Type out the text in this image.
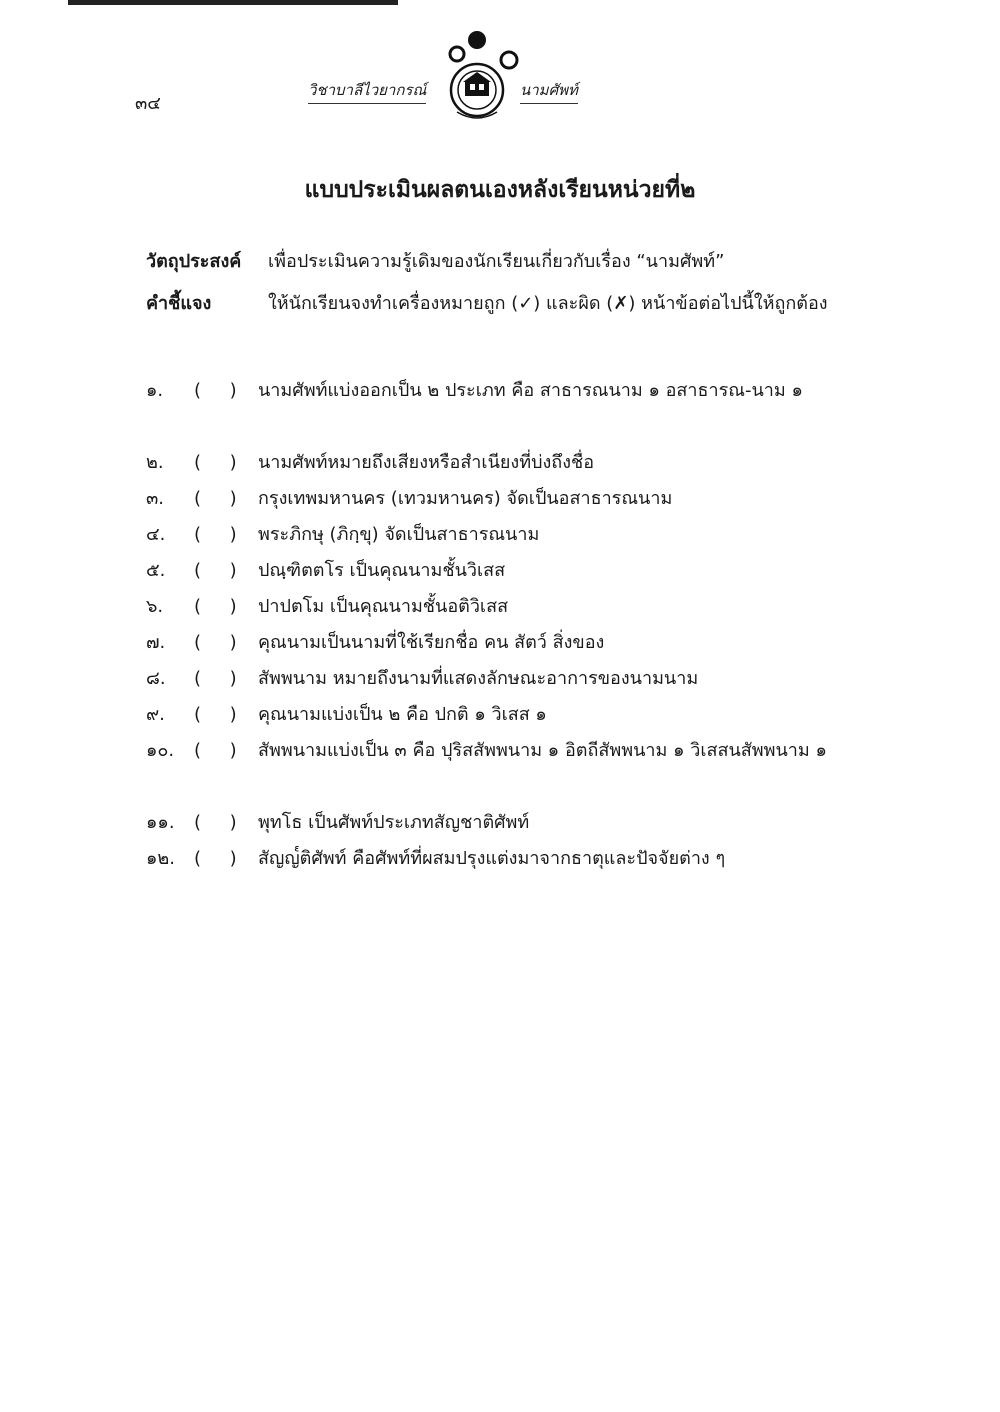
๓๔
วิชาบาลีไวยากรณ์	นามศัพท์
แบบประเมินผลตนเองหลังเรียนหน่วยที่๒
วัตถุประสงค์ เพื่อประเมินความรู้เดิมของนักเรียนเกี่ยวกับเรื่อง “นามศัพท์”
คำชี้แจง	ให้นักเรียนจงทำเครื่องหมายถูก (✓) และผิด (✗) หน้าข้อต่อไปนี้ให้ถูกต้อง
๑.	(     )	นามศัพท์แบ่งออกเป็น ๒ ประเภท คือ สาธารณนาม ๑ อสาธารณ-นาม ๑
๒.	(     )	นามศัพท์หมายถึงเสียงหรือสำเนียงที่บ่งถึงชื่อ
๓.	(     )	กรุงเทพมหานคร (เทวมหานคร) จัดเป็นอสาธารณนาม
๔.	(     )	พระภิกษุ (ภิกฺขุ) จัดเป็นสาธารณนาม
๕.	(     )	ปณฺฑิตตโร เป็นคุณนามชั้นวิเสส
๖.	(     )	ปาปตโม เป็นคุณนามชั้นอติวิเสส
๗.	(     )	คุณนามเป็นนามที่ใช้เรียกชื่อ คน สัตว์ สิ่งของ
๘.	(     )	สัพพนาม หมายถึงนามที่แสดงลักษณะอาการของนามนาม
๙.	(     )	คุณนามแบ่งเป็น ๒ คือ ปกติ ๑ วิเสส ๑
๑๐.	(     )	สัพพนามแบ่งเป็น ๓ คือ ปุริสสัพพนาม ๑ อิตถีสัพพนาม ๑ วิเสสนสัพพนาม ๑
๑๑.	(     )	พุทโธ เป็นศัพท์ประเภทสัญชาติศัพท์
๑๒.	(     )	สัญญ๎ติศัพท์ คือศัพท์ที่ผสมปรุงแต่งมาจากธาตุและปัจจัยต่าง ๆ
